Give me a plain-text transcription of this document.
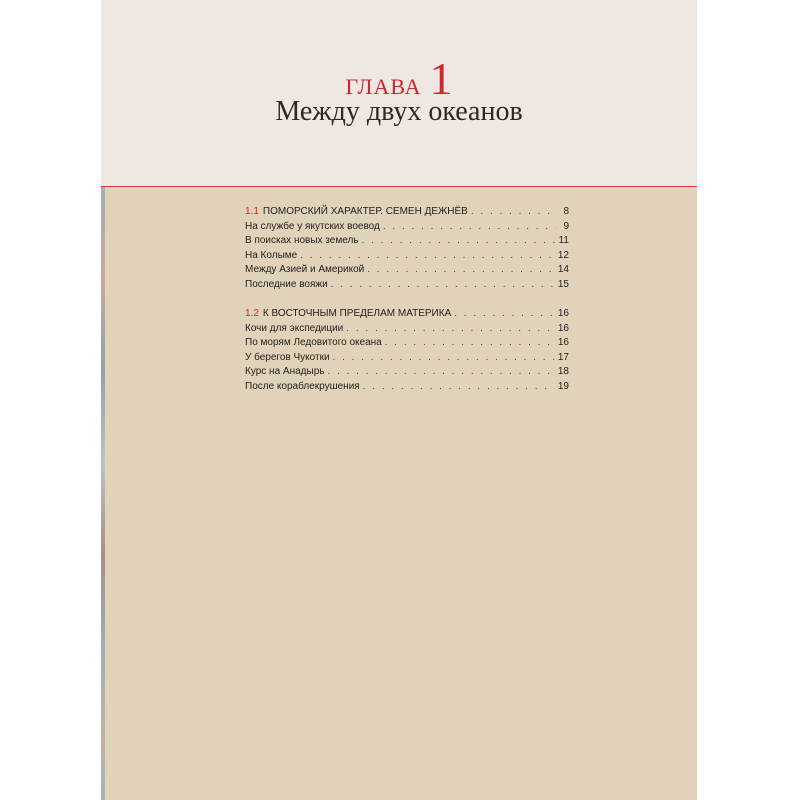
ГЛАВА 1
Между двух океанов
1.1 ПОМОРСКИЙ ХАРАКТЕР. СЕМЕН ДЕЖНЁВ . . .	8
На службе у якутских воевод . . .	9
В поисках новых земель . . .	11
На Колыме . . .	12
Между Азией и Америкой . . .	14
Последние вояжи . . .	15
1.2 К ВОСТОЧНЫМ ПРЕДЕЛАМ МАТЕРИКА . . .	16
Кочи для экспедиции . . .	16
По морям Ледовитого океана . . .	16
У берегов Чукотки . . .	17
Курс на Анадырь . . .	18
После кораблекрушения . . .	19
